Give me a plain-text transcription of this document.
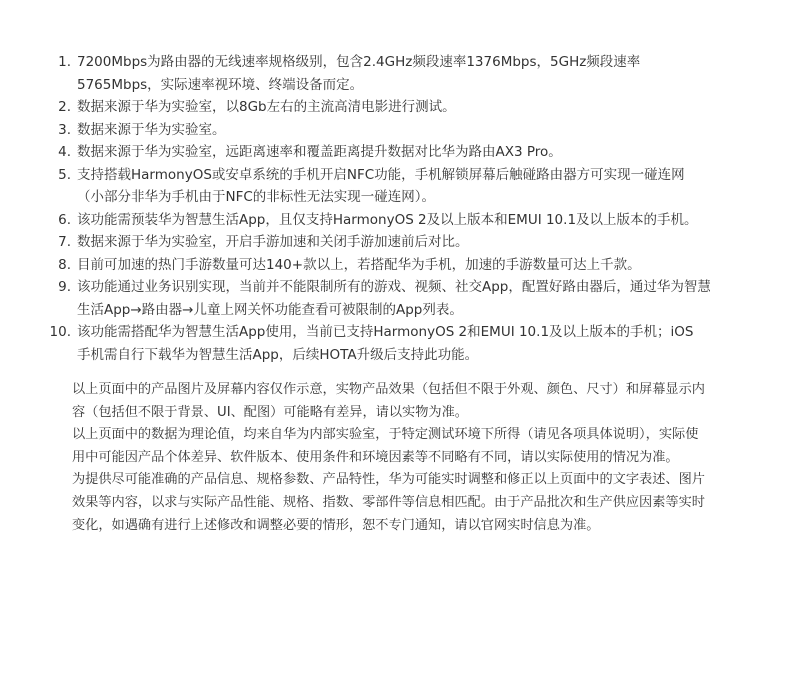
1. 7200Mbps为路由器的无线速率规格级别，包含2.4GHz频段速率1376Mbps，5GHz频段速率
5765Mbps，实际速率视环境、终端设备而定。
2. 数据来源于华为实验室，以8Gb左右的主流高清电影进行测试。
3. 数据来源于华为实验室。
4. 数据来源于华为实验室，远距离速率和覆盖距离提升数据对比华为路由AX3 Pro。
5. 支持搭载HarmonyOS或安卓系统的手机开启NFC功能，手机解锁屏幕后触碰路由器方可实现一碰连网
（小部分非华为手机由于NFC的非标性无法实现一碰连网）。
6. 该功能需预装华为智慧生活App，且仅支持HarmonyOS 2及以上版本和EMUI 10.1及以上版本的手机。
7. 数据来源于华为实验室，开启手游加速和关闭手游加速前后对比。
8. 目前可加速的热门手游数量可达140+款以上，若搭配华为手机，加速的手游数量可达上千款。
9. 该功能通过业务识别实现，当前并不能限制所有的游戏、视频、社交App，配置好路由器后，通过华为智慧
生活App→路由器→儿童上网关怀功能查看可被限制的App列表。
10. 该功能需搭配华为智慧生活App使用，当前已支持HarmonyOS 2和EMUI 10.1及以上版本的手机；iOS
手机需自行下载华为智慧生活App，后续HOTA升级后支持此功能。

以上页面中的产品图片及屏幕内容仅作示意，实物产品效果（包括但不限于外观、颜色、尺寸）和屏幕显示内
容（包括但不限于背景、UI、配图）可能略有差异，请以实物为准。

以上页面中的数据为理论值，均来自华为内部实验室，于特定测试环境下所得（请见各项具体说明），实际使
用中可能因产品个体差异、软件版本、使用条件和环境因素等不同略有不同，请以实际使用的情况为准。

为提供尽可能准确的产品信息、规格参数、产品特性，华为可能实时调整和修正以上页面中的文字表述、图片
效果等内容，以求与实际产品性能、规格、指数、零部件等信息相匹配。由于产品批次和生产供应因素等实时
变化，如遇确有进行上述修改和调整必要的情形，恕不专门通知，请以官网实时信息为准。
